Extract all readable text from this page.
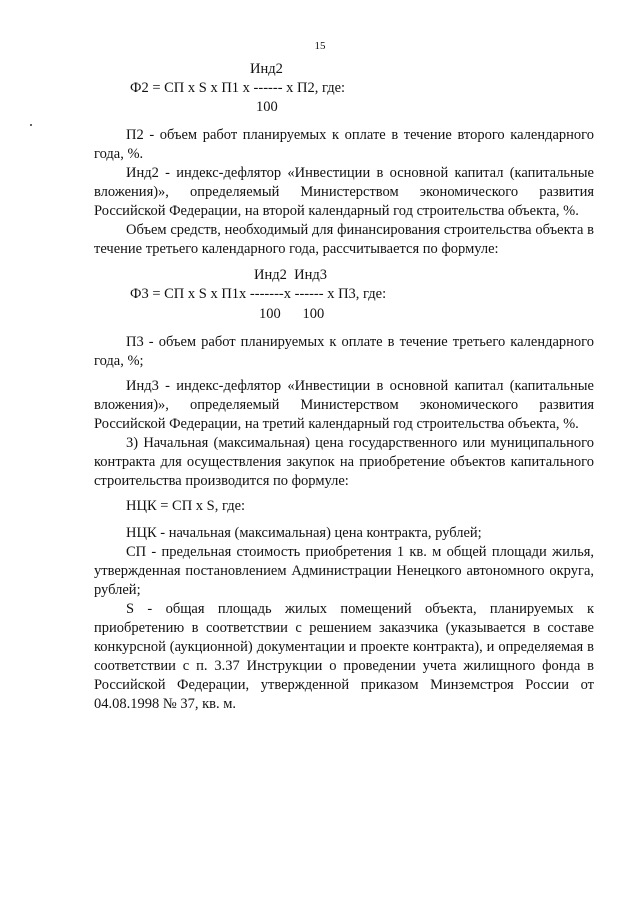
15

Инд2

Ф2 = СП x S x П1 x ------ x П2, где:

100

П2 - объем работ планируемых к оплате в течение второго календарного года, %.

Инд2 - индекс-дефлятор «Инвестиции в основной капитал (капитальные вложения)», определяемый Министерством экономического развития Российской Федерации, на второй календарный год строительства объекта, %.

Объем средств, необходимый для финансирования строительства объекта в течение третьего календарного года, рассчитывается по формуле:

Инд2  Инд3

Ф3 = СП x S x П1x -------x ------ x П3, где:

100      100

П3 - объем работ планируемых к оплате в течение третьего календарного года, %;

Инд3 - индекс-дефлятор «Инвестиции в основной капитал (капитальные вложения)», определяемый Министерством экономического развития Российской Федерации, на третий календарный год строительства объекта, %.

3) Начальная (максимальная) цена государственного или муниципального контракта для осуществления закупок на приобретение объектов капитального строительства производится по формуле:

НЦК = СП x S, где:

НЦК - начальная (максимальная) цена контракта, рублей;

СП - предельная стоимость приобретения 1 кв. м общей площади жилья, утвержденная постановлением Администрации Ненецкого автономного округа, рублей;

S - общая площадь жилых помещений объекта, планируемых к приобретению в соответствии с решением заказчика (указывается в составе конкурсной (аукционной) документации и проекте контракта), и определяемая в соответствии с п. 3.37 Инструкции о проведении учета жилищного фонда в Российской Федерации, утвержденной приказом Минземстроя России от 04.08.1998 № 37, кв. м.
